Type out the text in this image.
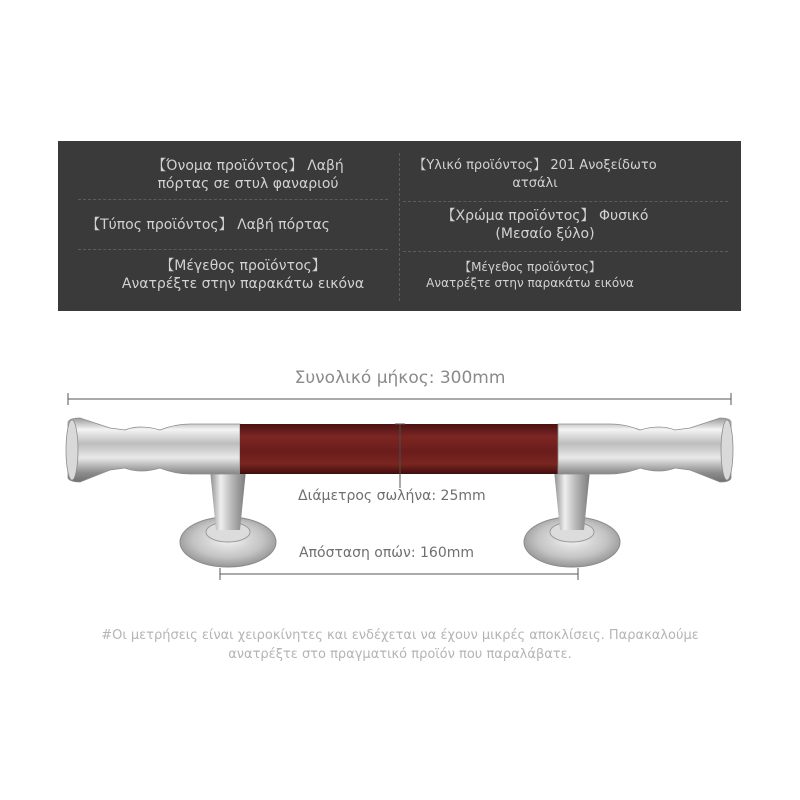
【Όνομα προϊόντος】 Λαβή
πόρτας σε στυλ φαναριού
【Υλικό προϊόντος】 201 Ανοξείδωτο
ατσάλι
【Τύπος προϊόντος】 Λαβή πόρτας
【Χρώμα προϊόντος】 Φυσικό
(Μεσαίο ξύλο)
【Μέγεθος προϊόντος】
Ανατρέξτε στην παρακάτω εικόνα
【Μέγεθος προϊόντος】
Ανατρέξτε στην παρακάτω εικόνα
Συνολικό μήκος: 300mm
Διάμετρος σωλήνα: 25mm
Απόσταση οπών: 160mm
#Οι μετρήσεις είναι χειροκίνητες και ενδέχεται να έχουν μικρές αποκλίσεις. Παρακαλούμε
ανατρέξτε στο πραγματικό προϊόν που παραλάβατε.
